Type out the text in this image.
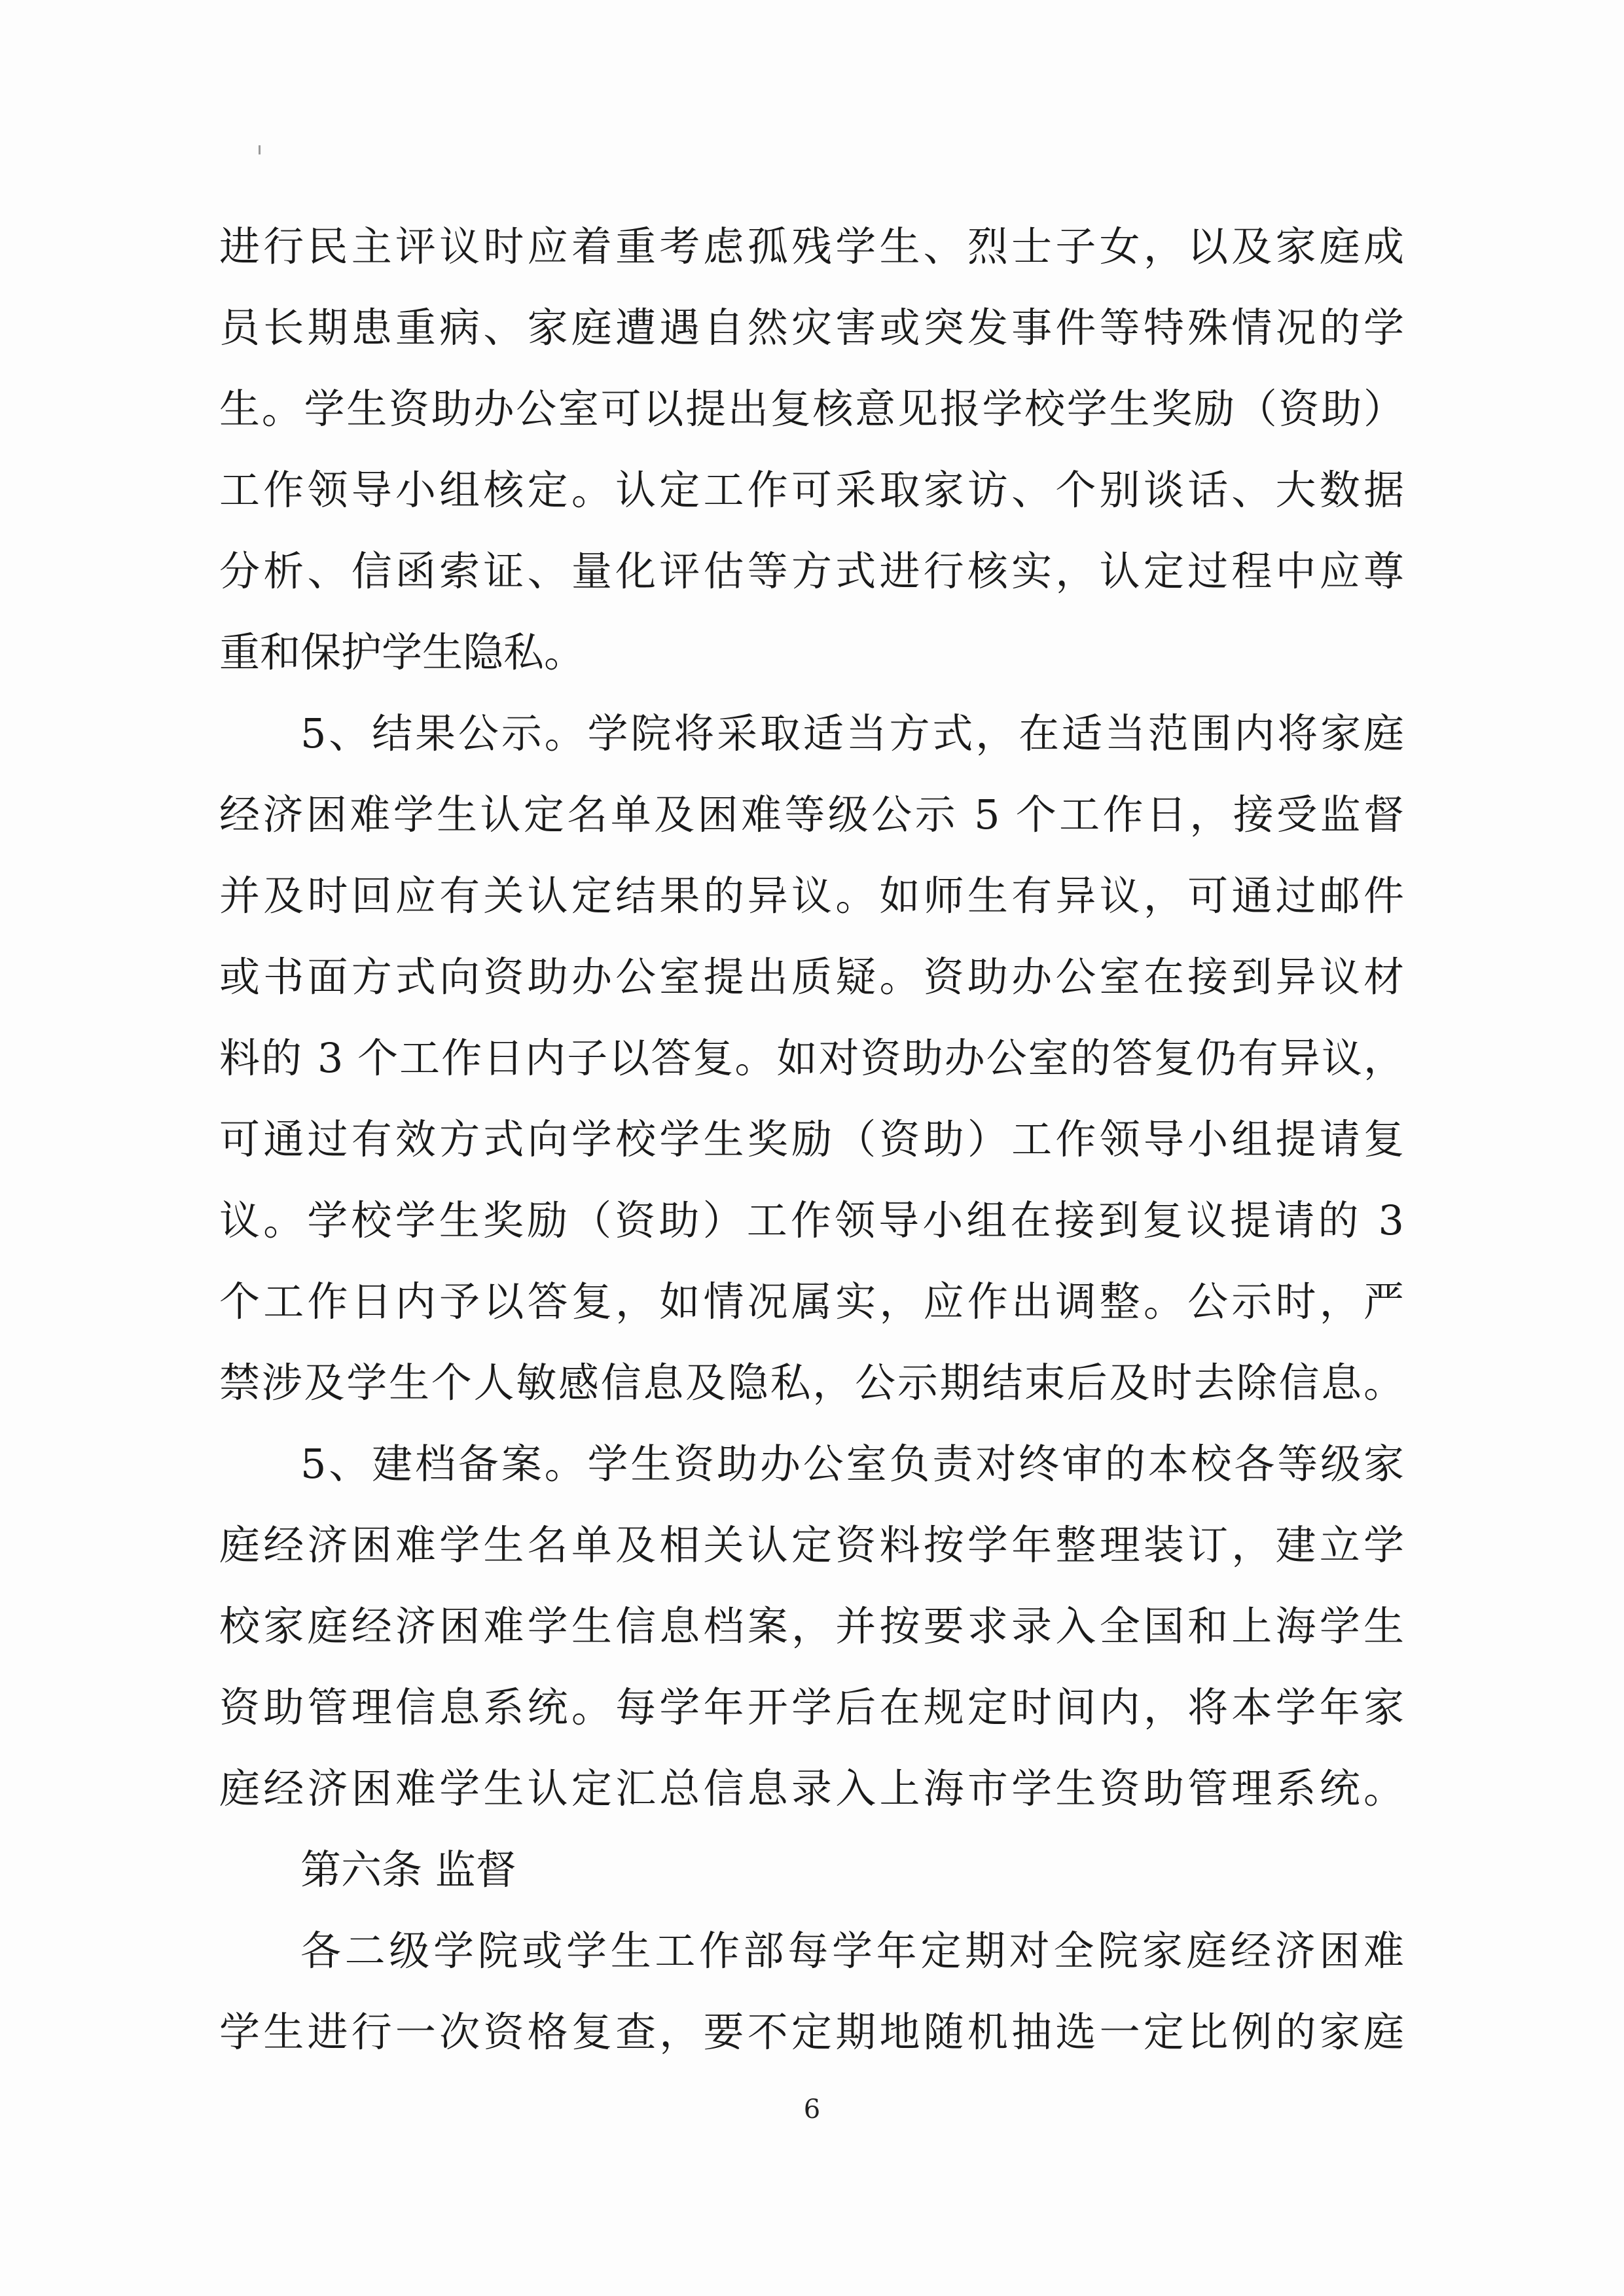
进行民主评议时应着重考虑孤残学生、烈士子女，以及家庭成
员长期患重病、家庭遭遇自然灾害或突发事件等特殊情况的学
生。学生资助办公室可以提出复核意见报学校学生奖励（资助）
工作领导小组核定。认定工作可采取家访、个别谈话、大数据
分析、信函索证、量化评估等方式进行核实，认定过程中应尊
重和保护学生隐私。
5、结果公示。学院将采取适当方式，在适当范围内将家庭
经济困难学生认定名单及困难等级公示 5 个工作日，接受监督
并及时回应有关认定结果的异议。如师生有异议，可通过邮件
或书面方式向资助办公室提出质疑。资助办公室在接到异议材
料的 3 个工作日内子以答复。如对资助办公室的答复仍有异议，
可通过有效方式向学校学生奖励（资助）工作领导小组提请复
议。学校学生奖励（资助）工作领导小组在接到复议提请的 3
个工作日内予以答复，如情况属实，应作出调整。公示时，严
禁涉及学生个人敏感信息及隐私，公示期结束后及时去除信息。
5、建档备案。学生资助办公室负责对终审的本校各等级家
庭经济困难学生名单及相关认定资料按学年整理装订，建立学
校家庭经济困难学生信息档案，并按要求录入全国和上海学生
资助管理信息系统。每学年开学后在规定时间内，将本学年家
庭经济困难学生认定汇总信息录入上海市学生资助管理系统。
第六条 监督
各二级学院或学生工作部每学年定期对全院家庭经济困难
学生进行一次资格复查，要不定期地随机抽选一定比例的家庭
6
